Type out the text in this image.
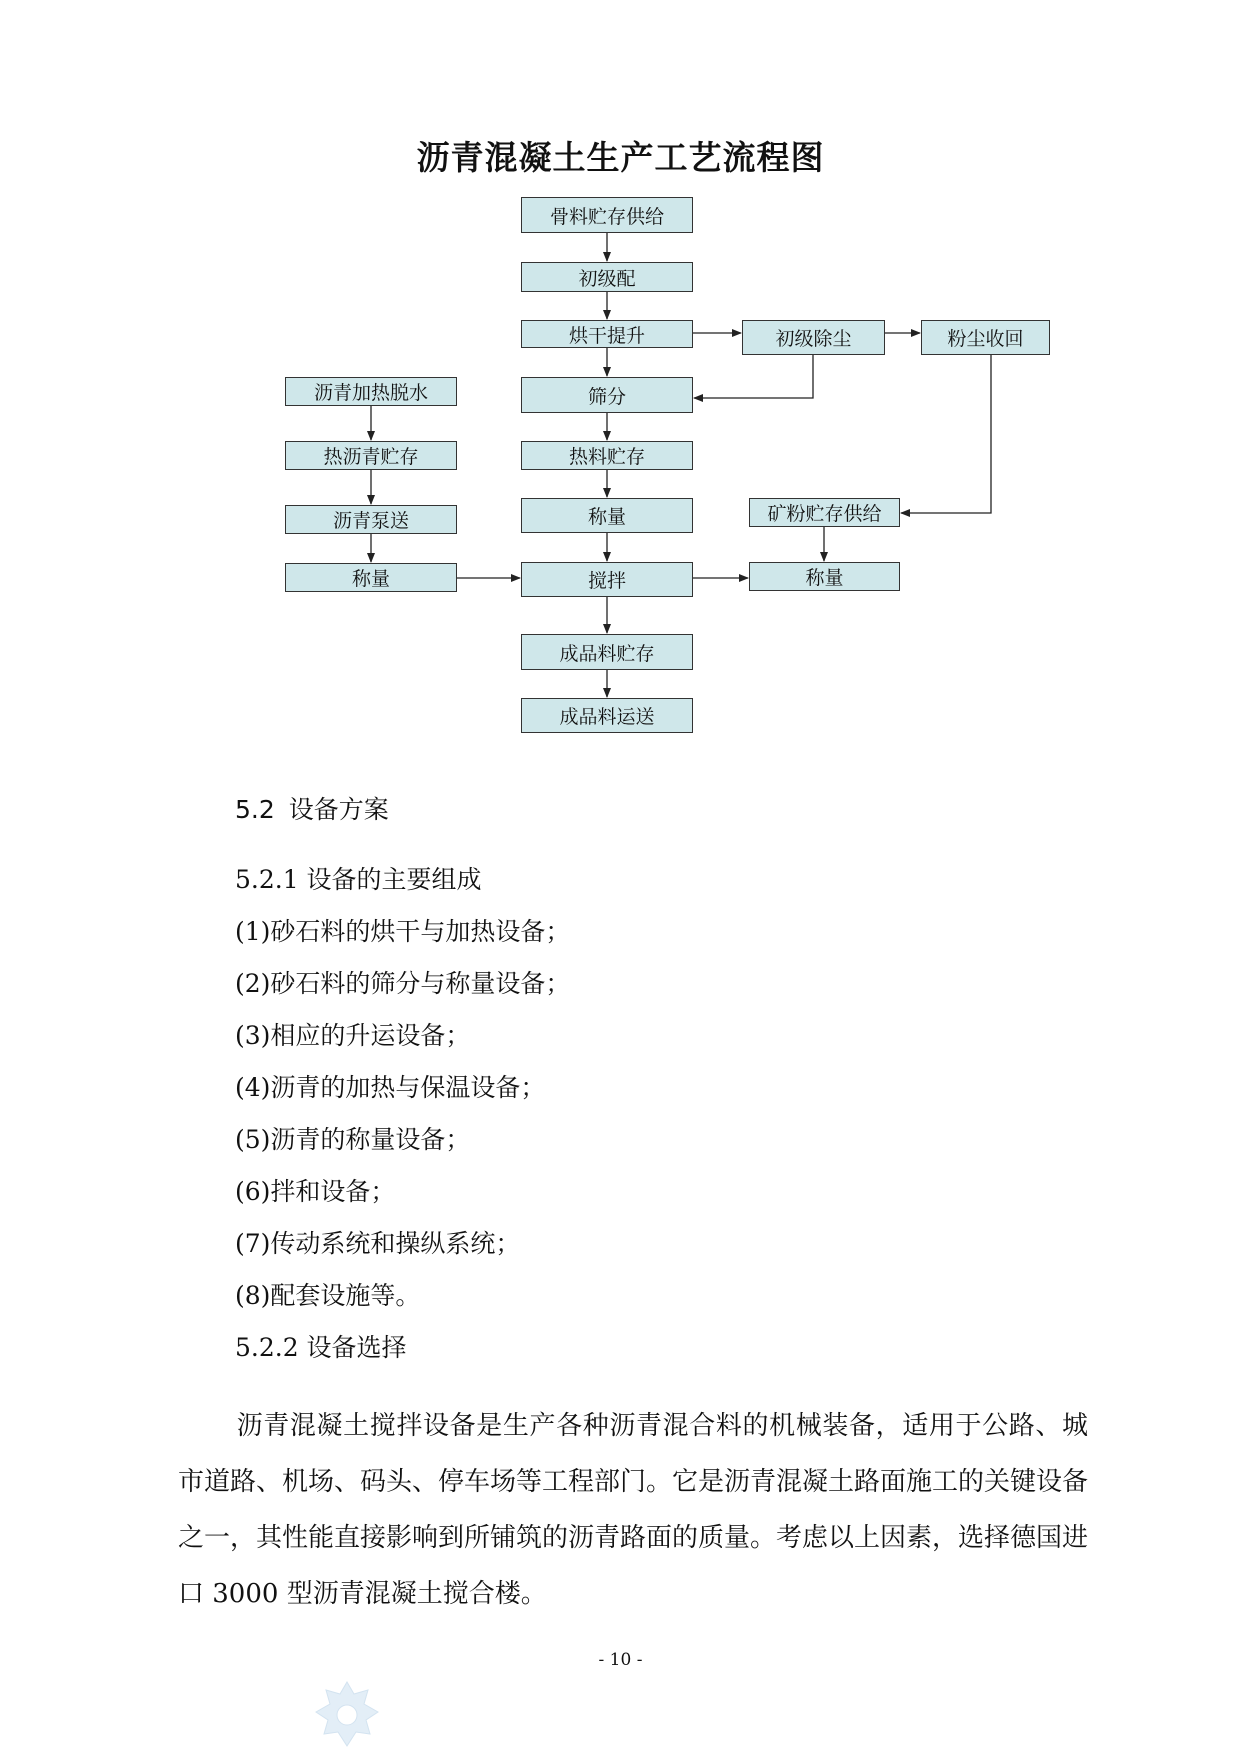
沥青混凝土生产工艺流程图
骨料贮存供给
初级配
烘干提升
筛分
热料贮存
称量
搅拌
成品料贮存
成品料运送
沥青加热脱水
热沥青贮存
沥青泵送
称量
初级除尘	粉尘收回
矿粉贮存供给
称量
5.2 设备方案
5.2.1 设备的主要组成
(1)砂石料的烘干与加热设备；
(2)砂石料的筛分与称量设备；
(3)相应的升运设备；
(4)沥青的加热与保温设备；
(5)沥青的称量设备；
(6)拌和设备；
(7)传动系统和操纵系统；
(8)配套设施等。
5.2.2 设备选择
沥青混凝土搅拌设备是生产各种沥青混合料的机械装备，适用于公路、城市道路、机场、码头、停车场等工程部门。它是沥青混凝土路面施工的关键设备之一，其性能直接影响到所铺筑的沥青路面的质量。考虑以上因素，选择德国进口 3000 型沥青混凝土搅合楼。
- 10 -
